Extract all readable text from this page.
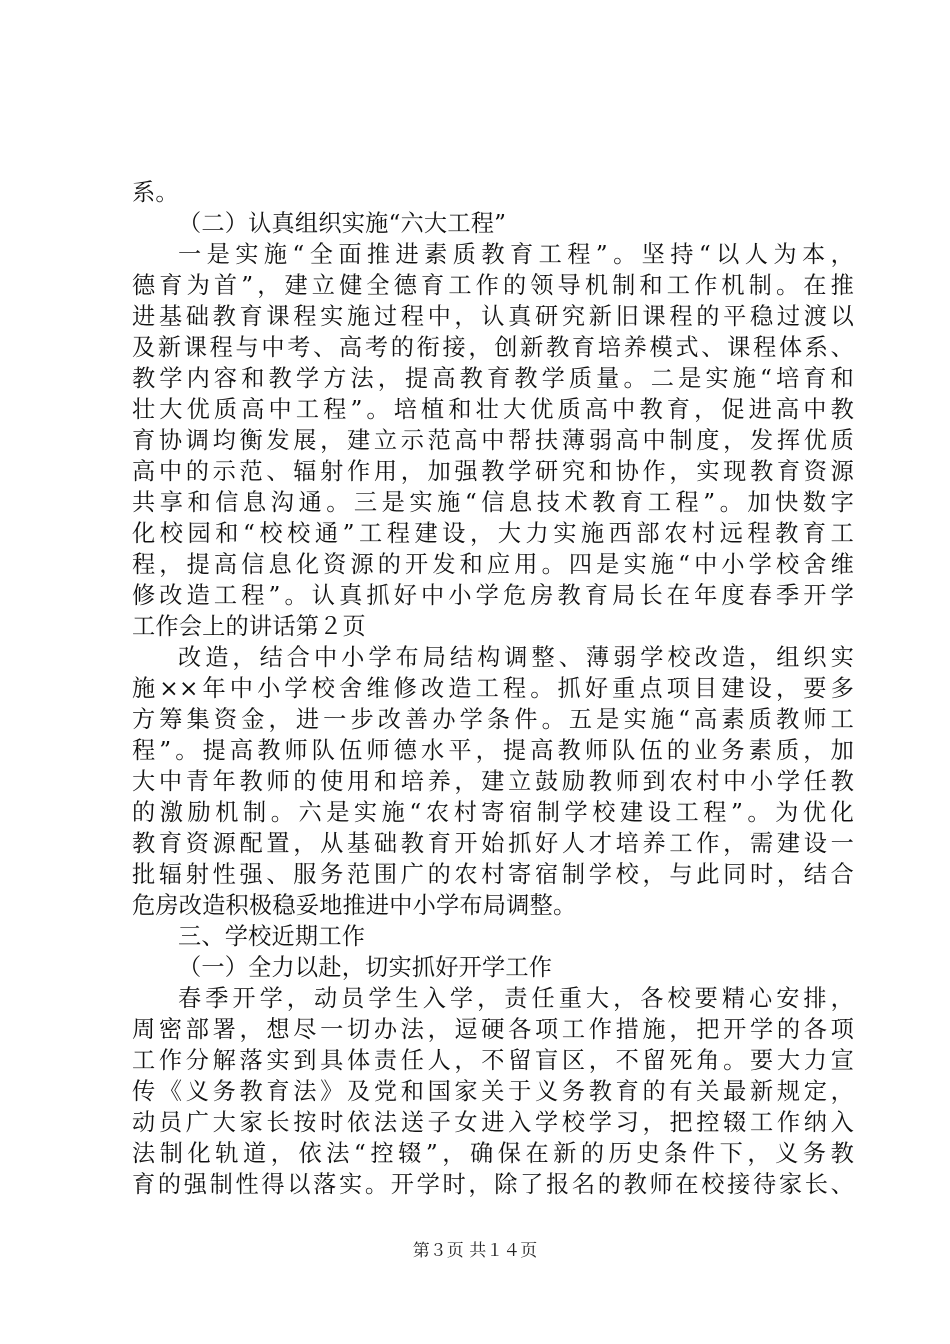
系。
（二）认真组织实施“六大工程”
一是实施“全面推进素质教育工程”。坚持“以人为本，
德育为首”，建立健全德育工作的领导机制和工作机制。在推
进基础教育课程实施过程中，认真研究新旧课程的平稳过渡以
及新课程与中考、高考的衔接，创新教育培养模式、课程体系、
教学内容和教学方法，提高教育教学质量。二是实施“培育和
壮大优质高中工程”。培植和壮大优质高中教育，促进高中教
育协调均衡发展，建立示范高中帮扶薄弱高中制度，发挥优质
高中的示范、辐射作用，加强教学研究和协作，实现教育资源
共享和信息沟通。三是实施“信息技术教育工程”。加快数字
化校园和“校校通”工程建设，大力实施西部农村远程教育工
程，提高信息化资源的开发和应用。四是实施“中小学校舍维
修改造工程”。认真抓好中小学危房教育局长在年度春季开学
工作会上的讲话第２页
改造，结合中小学布局结构调整、薄弱学校改造，组织实
施××年中小学校舍维修改造工程。抓好重点项目建设，要多
方筹集资金，进一步改善办学条件。五是实施“高素质教师工
程”。提高教师队伍师德水平，提高教师队伍的业务素质，加
大中青年教师的使用和培养，建立鼓励教师到农村中小学任教
的激励机制。六是实施“农村寄宿制学校建设工程”。为优化
教育资源配置，从基础教育开始抓好人才培养工作，需建设一
批辐射性强、服务范围广的农村寄宿制学校，与此同时，结合
危房改造积极稳妥地推进中小学布局调整。
三、学校近期工作
（一）全力以赴，切实抓好开学工作
春季开学，动员学生入学，责任重大，各校要精心安排，
周密部署，想尽一切办法，逗硬各项工作措施，把开学的各项
工作分解落实到具体责任人，不留盲区，不留死角。要大力宣
传《义务教育法》及党和国家关于义务教育的有关最新规定，
动员广大家长按时依法送子女进入学校学习，把控辍工作纳入
法制化轨道，依法“控辍”，确保在新的历史条件下，义务教
育的强制性得以落实。开学时，除了报名的教师在校接待家长、
第３页 共１４页
